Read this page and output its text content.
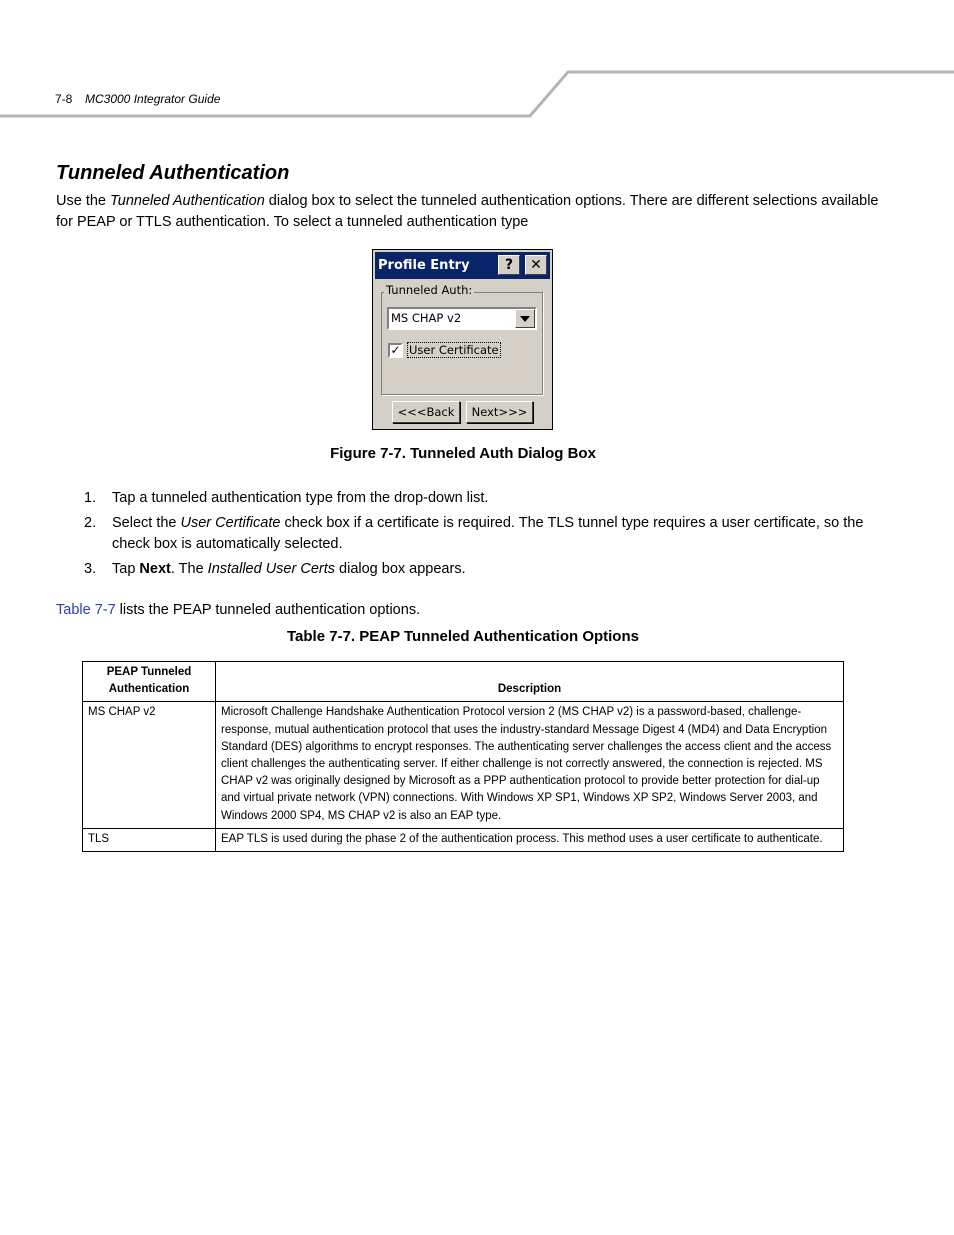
7-8 MC3000 Integrator Guide
Tunneled Authentication

Use the Tunneled Authentication dialog box to select the tunneled authentication options. There are different selections available for PEAP or TTLS authentication. To select a tunneled authentication type

Profile Entry	?	✕
Tunneled Auth:
MS CHAP v2
✓ User Certificate
<<<Back	Next>>>
Figure 7-7. Tunneled Auth Dialog Box
1. Tap a tunneled authentication type from the drop-down list.
2. Select the User Certificate check box if a certificate is required. The TLS tunnel type requires a user certificate, so the check box is automatically selected.
3. Tap Next. The Installed User Certs dialog box appears.

Table 7-7 lists the PEAP tunneled authentication options.

Table 7-7. PEAP Tunneled Authentication Options
PEAP Tunneled Authentication	Description
MS CHAP v2	Microsoft Challenge Handshake Authentication Protocol version 2 (MS CHAP v2) is a password-based, challenge-response, mutual authentication protocol that uses the industry-standard Message Digest 4 (MD4) and Data Encryption Standard (DES) algorithms to encrypt responses. The authenticating server challenges the access client and the access client challenges the authenticating server. If either challenge is not correctly answered, the connection is rejected. MS CHAP v2 was originally designed by Microsoft as a PPP authentication protocol to provide better protection for dial-up and virtual private network (VPN) connections. With Windows XP SP1, Windows XP SP2, Windows Server 2003, and Windows 2000 SP4, MS CHAP v2 is also an EAP type.
TLS	EAP TLS is used during the phase 2 of the authentication process. This method uses a user certificate to authenticate.
